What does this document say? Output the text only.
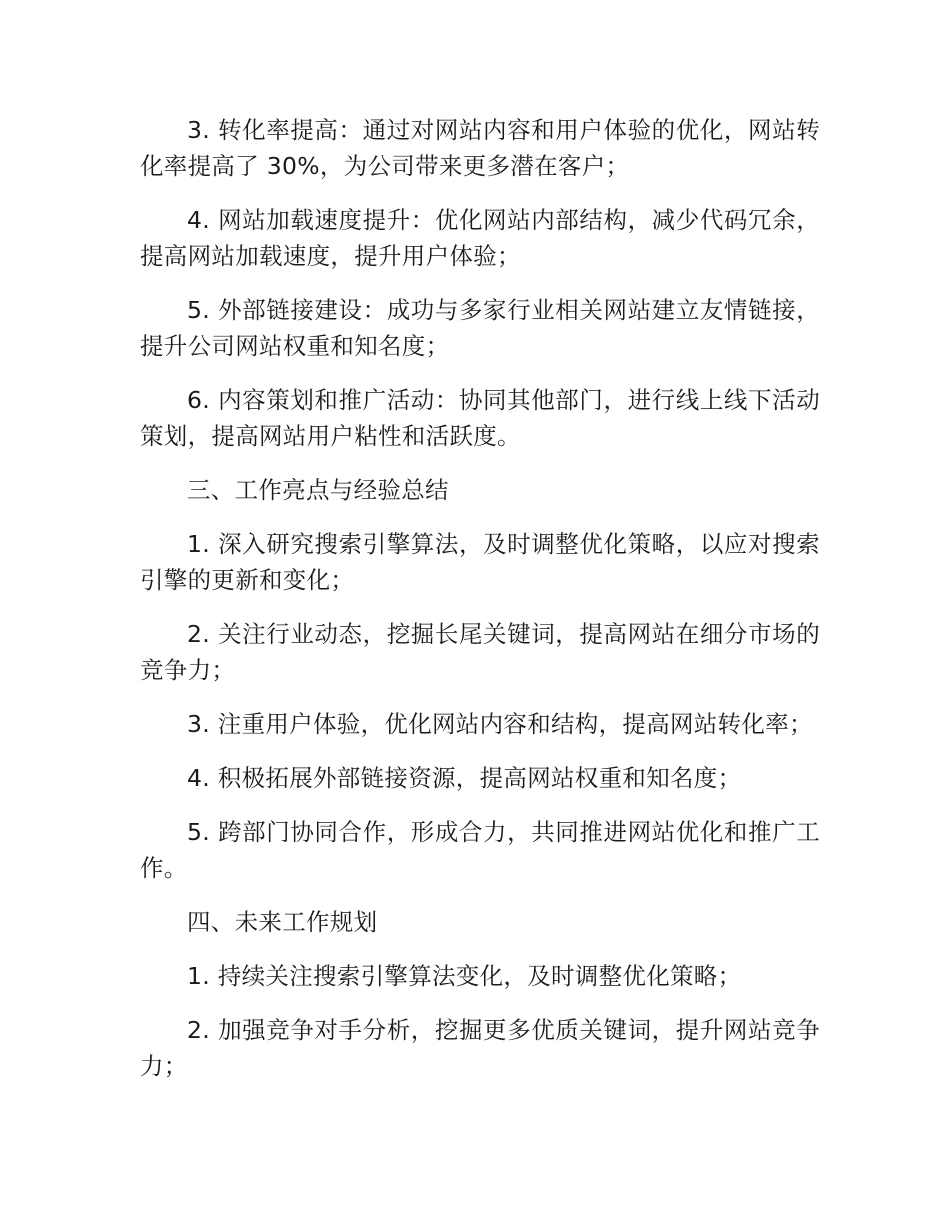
3. 转化率提高：通过对网站内容和用户体验的优化，网站转化率提高了 30%，为公司带来更多潜在客户；

4. 网站加载速度提升：优化网站内部结构，减少代码冗余，提高网站加载速度，提升用户体验；

5. 外部链接建设：成功与多家行业相关网站建立友情链接，提升公司网站权重和知名度；

6. 内容策划和推广活动：协同其他部门，进行线上线下活动策划，提高网站用户粘性和活跃度。

三、工作亮点与经验总结

1. 深入研究搜索引擎算法，及时调整优化策略，以应对搜索引擎的更新和变化；

2. 关注行业动态，挖掘长尾关键词，提高网站在细分市场的竞争力；

3. 注重用户体验，优化网站内容和结构，提高网站转化率；

4. 积极拓展外部链接资源，提高网站权重和知名度；

5. 跨部门协同合作，形成合力，共同推进网站优化和推广工作。

四、未来工作规划

1. 持续关注搜索引擎算法变化，及时调整优化策略；

2. 加强竞争对手分析，挖掘更多优质关键词，提升网站竞争力；
